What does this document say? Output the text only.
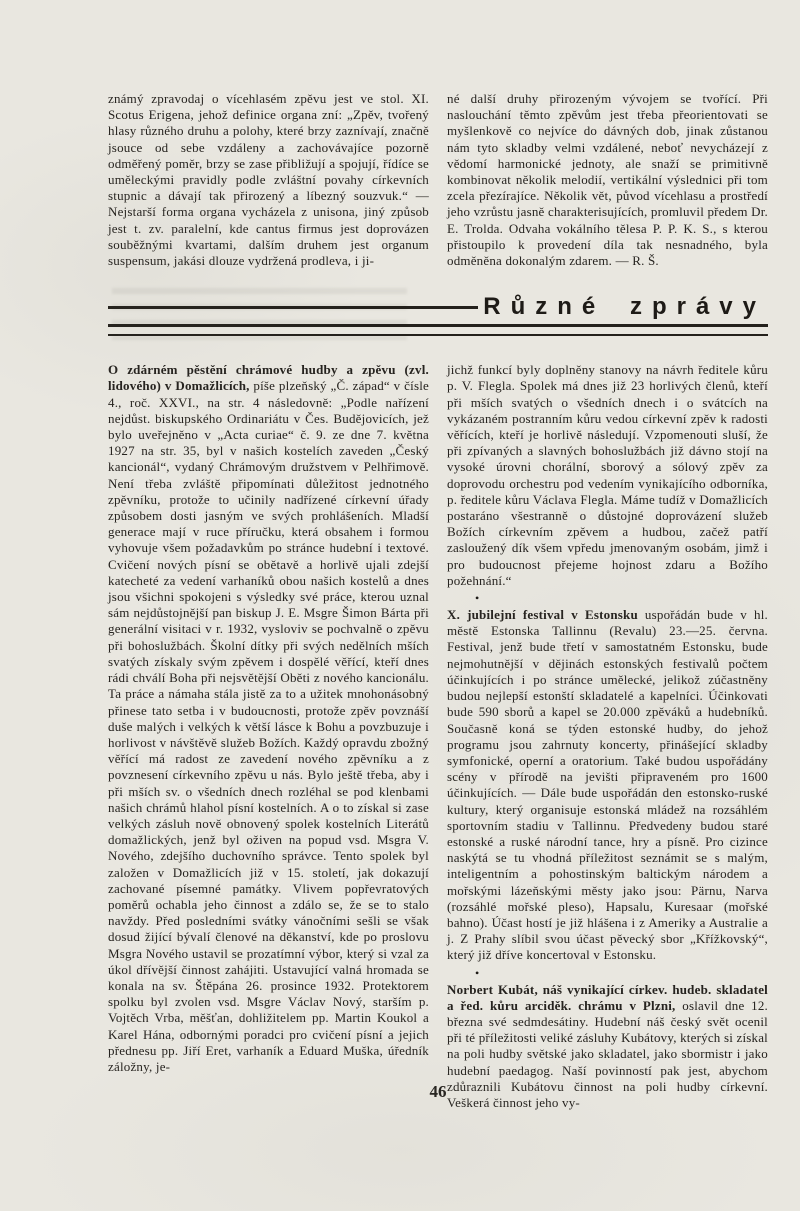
známý zpravodaj o vícehlasém zpěvu jest ve stol. XI. Scotus Erigena, jehož definice organa zní: „Zpěv, tvořený hlasy různého druhu a polohy, které brzy zaznívají, značně jsouce od sebe vzdáleny a zachovávajíce pozorně odměřený poměr, brzy se zase přibližují a spojují, řídíce se uměleckými pravidly podle zvláštní povahy církevních stupnic a dávají tak přirozený a líbezný souzvuk.“ — Nejstarší forma organa vycházela z unisona, jiný způsob jest t. zv. paralelní, kde cantus firmus jest doprovázen souběžnými kvartami, dalším druhem jest organum suspensum, jakási dlouze vydržená prodleva, i ji-

né další druhy přirozeným vývojem se tvořící. Při naslouchání těmto zpěvům jest třeba přeorientovati se myšlenkově co nejvíce do dávných dob, jinak zůstanou nám tyto skladby velmi vzdálené, neboť nevycházejí z vědomí harmonické jednoty, ale snaží se primitivně kombinovat několik melodií, vertikální výslednici při tom zcela přezírajíce. Několik vět, původ vícehlasu a prostředí jeho vzrůstu jasně charakterisujících, promluvil předem Dr. E. Trolda. Odvaha vokálního tělesa P. P. K. S., s kterou přistoupilo k provedení díla tak nesnadného, byla odměněna dokonalým zdarem. — R. Š.

Různé zprávy

O zdárném pěstění chrámové hudby a zpěvu (zvl. lidového) v Domažlicích, píše plzeňský „Č. západ“ v čísle 4., roč. XXVI., na str. 4 následovně: „Podle nařízení nejdůst. biskupského Ordinariátu v Čes. Budějovicích, jež bylo uveřejněno v „Acta curiae“ č. 9. ze dne 7. května 1927 na str. 35, byl v našich kostelích zaveden „Český kancionál“, vydaný Chrámovým družstvem v Pelhřimově. Není třeba zvláště připomínati důležitost jednotného zpěvníku, protože to učinily nadřízené církevní úřady způsobem dosti jasným ve svých prohlášeních. Mladší generace mají v ruce příručku, která obsahem i formou vyhovuje všem požadavkům po stránce hudební i textové. Cvičení nových písní se obětavě a horlivě ujali zdejší katecheté za vedení varhaníků obou našich kostelů a dnes jsou všichni spokojeni s výsledky své práce, kterou uznal sám nejdůstojnější pan biskup J. E. Msgre Šimon Bárta při generální visitaci v r. 1932, vysloviv se pochvalně o zpěvu při bohoslužbách. Školní dítky při svých nedělních mších svatých získaly svým zpěvem i dospělé věřící, kteří dnes rádi chválí Boha při nejsvětější Oběti z nového kancionálu. Ta práce a námaha stála jistě za to a užitek mnohonásobný přinese tato setba i v budoucnosti, protože zpěv povznáší duše malých i velkých k větší lásce k Bohu a povzbuzuje i horlivost v návštěvě služeb Božích. Každý opravdu zbožný věřící má radost ze zavedení nového zpěvníku a z povznesení církevního zpěvu u nás. Bylo ještě třeba, aby i při mších sv. o všedních dnech rozléhal se pod klenbami našich chrámů hlahol písní kostelních. A o to získal si zase velkých zásluh nově obnovený spolek kostelních Literátů domažlických, jenž byl oživen na popud vsd. Msgra V. Nového, zdejšího duchovního správce. Tento spolek byl založen v Domažlicích již v 15. století, jak dokazují zachované písemné památky. Vlivem popřevratových poměrů ochabla jeho činnost a zdálo se, že se to stalo navždy. Před posledními svátky vánočními sešli se však dosud žijící bývalí členové na děkanství, kde po proslovu Msgra Nového ustavil se prozatímní výbor, který si vzal za úkol dřívější činnost zahájiti. Ustavující valná hromada se konala na sv. Štěpána 26. prosince 1932. Protektorem spolku byl zvolen vsd. Msgre Václav Nový, starším p. Vojtěch Vrba, měšťan, dohližitelem pp. Martin Koukol a Karel Hána, odbornými poradci pro cvičení písní a jejich přednesu pp. Jiří Eret, varhaník a Eduard Muška, úředník záložny, je-

jichž funkcí byly doplněny stanovy na návrh ředitele kůru p. V. Flegla. Spolek má dnes již 23 horlivých členů, kteří při mších svatých o všedních dnech i o svátcích na vykázaném postranním kůru vedou církevní zpěv k radosti věřících, kteří je horlivě následují. Vzpomenouti sluší, že při zpívaných a slavných bohoslužbách již dávno stojí na vysoké úrovni chorální, sborový a sólový zpěv za doprovodu orchestru pod vedením vynikajícího odborníka, p. ředitele kůru Václava Flegla. Máme tudíž v Domažlicích postaráno všestranně o důstojné doprovázení služeb Božích církevním zpěvem a hudbou, začež patří zasloužený dík všem vpředu jmenovaným osobám, jimž i pro budoucnost přejeme hojnost zdaru a Božího požehnání.“

•

X. jubilejní festival v Estonsku uspořádán bude v hl. městě Estonska Tallinnu (Revalu) 23.—25. června. Festival, jenž bude třetí v samostatném Estonsku, bude nejmohutnější v dějinách estonských festivalů počtem účinkujících i po stránce umělecké, jelikož zúčastněny budou nejlepší estonští skladatelé a kapelníci. Účinkovati bude 590 sborů a kapel se 20.000 zpěváků a hudebníků. Současně koná se týden estonské hudby, do jehož programu jsou zahrnuty koncerty, přinášející skladby symfonické, operní a oratorium. Také budou uspořádány scény v přírodě na jevišti připraveném pro 1600 účinkujících. — Dále bude uspořádán den estonsko-ruské kultury, který organisuje estonská mládež na rozsáhlém sportovním stadiu v Tallinnu. Předvedeny budou staré estonské a ruské národní tance, hry a písně. Pro cizince naskýtá se tu vhodná příležitost seznámit se s malým, inteligentním a pohostinským baltickým národem a mořskými lázeňskými městy jako jsou: Pärnu, Narva (rozsáhlé mořské pleso), Hapsalu, Kuresaar (mořské bahno). Účast hostí je již hlášena i z Ameriky a Australie a j. Z Prahy slíbil svou účast pěvecký sbor „Křížkovský“, který již dříve koncertoval v Estonsku.

•

Norbert Kubát, náš vynikající církev. hudeb. skladatel a řed. kůru arciděk. chrámu v Plzni, oslavil dne 12. března své sedmdesátiny. Hudební náš český svět ocenil při té příležitosti veliké zásluhy Kubátovy, kterých si získal na poli hudby světské jako skladatel, jako sbormistr i jako hudební paedagog. Naší povinností pak jest, abychom zdůraznili Kubátovu činnost na poli hudby církevní. Veškerá činnost jeho vy-

46
